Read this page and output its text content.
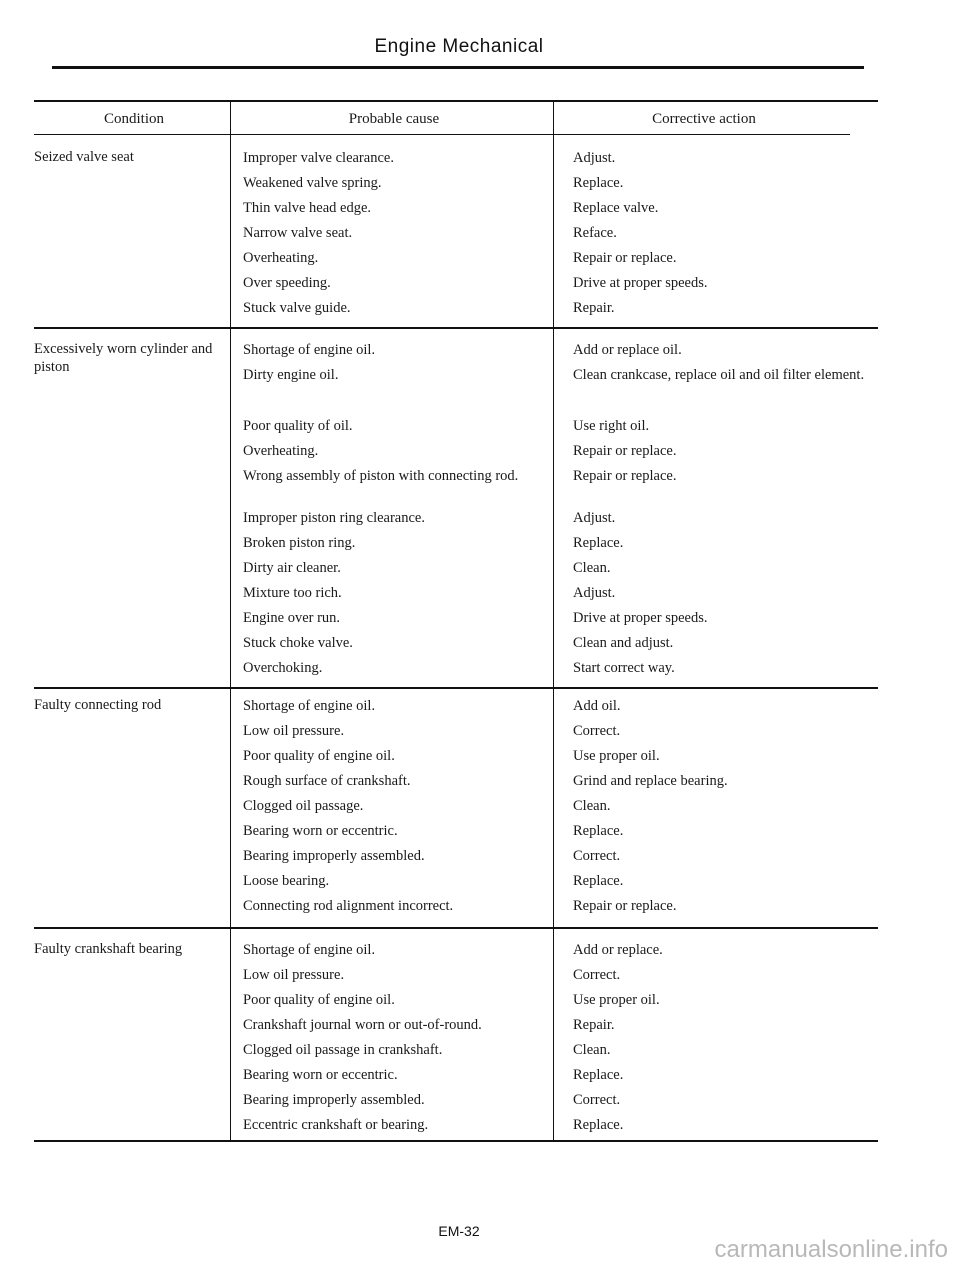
Engine Mechanical
Condition	Probable cause	Corrective action
Seized valve seat	Improper valve clearance.	Adjust.
Weakened valve spring.	Replace.
Thin valve head edge.	Replace valve.
Narrow valve seat.	Reface.
Overheating.	Repair or replace.
Over speeding.	Drive at proper speeds.
Stuck valve guide.	Repair.
Excessively worn cylinder and piston
Shortage of engine oil.	Add or replace oil.
Dirty engine oil.	Clean crankcase, replace oil and oil filter element.
Poor quality of oil.	Use right oil.
Overheating.	Repair or replace.
Wrong assembly of piston with connecting rod.	Repair or replace.
Improper piston ring clearance.	Adjust.
Broken piston ring.	Replace.
Dirty air cleaner.	Clean.
Mixture too rich.	Adjust.
Engine over run.	Drive at proper speeds.
Stuck choke valve.	Clean and adjust.
Overchoking.	Start correct way.
Faulty connecting rod	Shortage of engine oil.	Add oil.
Low oil pressure.	Correct.
Poor quality of engine oil.	Use proper oil.
Rough surface of crankshaft.	Grind and replace bearing.
Clogged oil passage.	Clean.
Bearing worn or eccentric.	Replace.
Bearing improperly assembled.	Correct.
Loose bearing.	Replace.
Connecting rod alignment incorrect.	Repair or replace.
Faulty crankshaft bearing	Shortage of engine oil.	Add or replace.
Low oil pressure.	Correct.
Poor quality of engine oil.	Use proper oil.
Crankshaft journal worn or out-of-round.	Repair.
Clogged oil passage in crankshaft.	Clean.
Bearing worn or eccentric.	Replace.
Bearing improperly assembled.	Correct.
Eccentric crankshaft or bearing.	Replace.
EM-32
carmanualsonline.info
